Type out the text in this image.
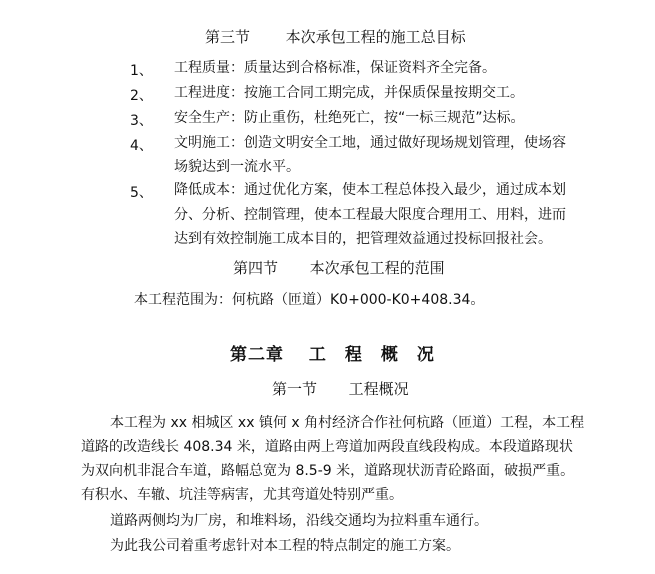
第三节 本次承包工程的施工总目标
1、 工程质量：质量达到合格标准，保证资料齐全完备。
2、 工程进度：按施工合同工期完成，并保质保量按期交工。
3、 安全生产：防止重伤，杜绝死亡，按“一标三规范”达标。
4、 文明施工：创造文明安全工地，通过做好现场规划管理，使场容
场貌达到一流水平。
5、 降低成本：通过优化方案，使本工程总体投入最少，通过成本划
分、分析、控制管理，使本工程最大限度合理用工、用料，进而
达到有效控制施工成本目的，把管理效益通过投标回报社会。
第四节 本次承包工程的范围
本工程范围为：何杭路（匝道）K0+000-K0+408.34。
第二章　 工　程　概　况
第一节 工程概况
本工程为 xx 相城区 xx 镇何 x 角村经济合作社何杭路（匝道）工程，本工程
道路的改造线长 408.34 米，道路由两上弯道加两段直线段构成。本段道路现状
为双向机非混合车道，路幅总宽为 8.5-9 米，道路现状沥青砼路面，破损严重。
有积水、车辙、坑洼等病害，尤其弯道处特别严重。
道路两侧均为厂房，和堆料场，沿线交通均为拉料重车通行。
为此我公司着重考虑针对本工程的特点制定的施工方案。
